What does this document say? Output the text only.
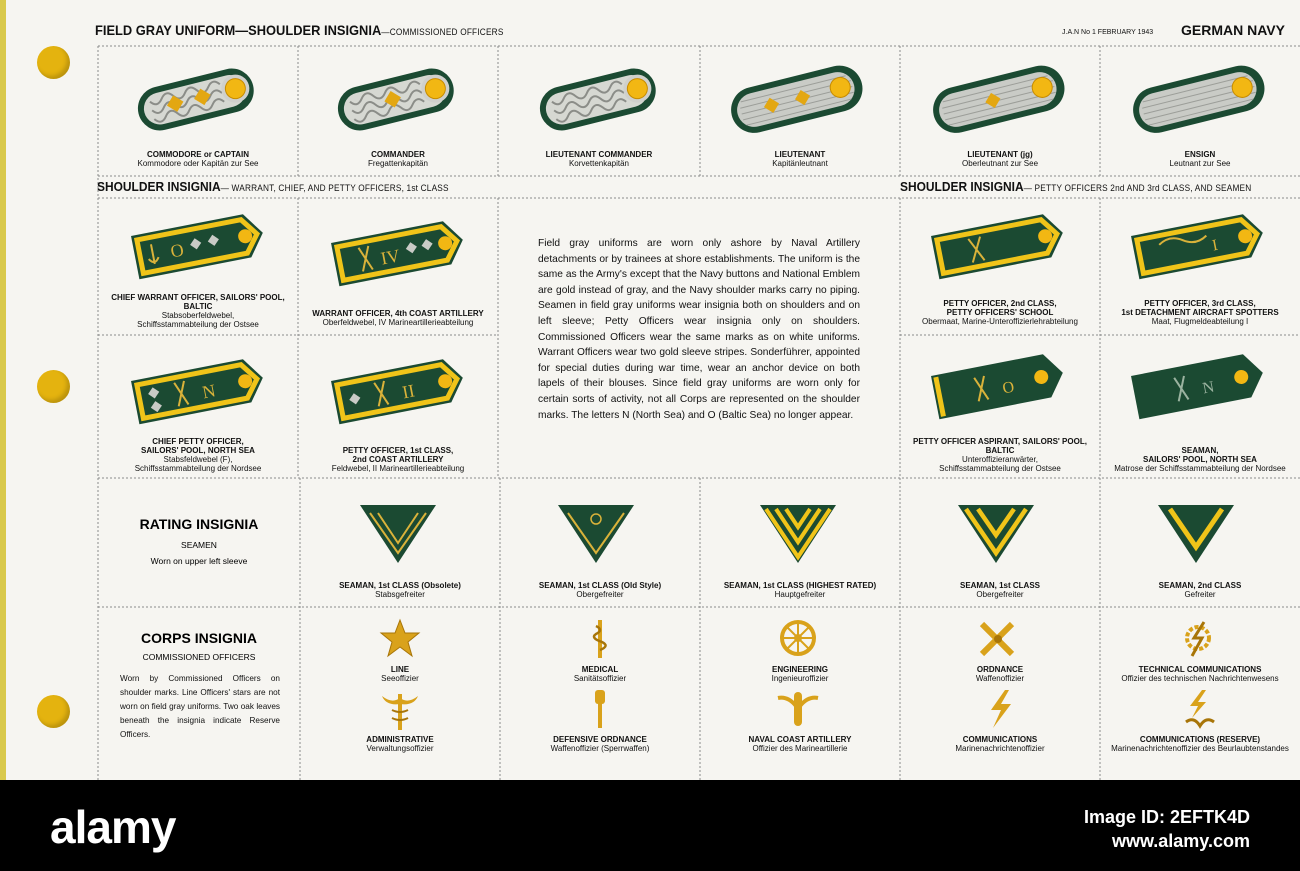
FIELD GRAY UNIFORM—SHOULDER INSIGNIA—COMMISSIONED OFFICERS	J.A.N No 1 FEBRUARY 1943 GERMAN NAVY
COMMODORE or CAPTAIN
Kommodore oder Kapitän zur See
COMMANDER
Fregattenkapitän
LIEUTENANT COMMANDER
Korvettenkapitän
LIEUTENANT
Kapitänleutnant
LIEUTENANT (jg)
Oberleutnant zur See
ENSIGN
Leutnant zur See
SHOULDER INSIGNIA— WARRANT, CHIEF, AND PETTY OFFICERS, 1st CLASS	SHOULDER INSIGNIA— PETTY OFFICERS 2nd AND 3rd CLASS, AND SEAMEN
O	IV
N	II
I
O	N
CHIEF WARRANT OFFICER, SAILORS' POOL,
BALTIC
Stabsoberfeldwebel,
Schiffsstammabteilung der Ostsee
WARRANT OFFICER, 4th COAST ARTILLERY
Oberfeldwebel, IV Marineartillerieabteilung
CHIEF PETTY OFFICER,
SAILORS' POOL, NORTH SEA
Stabsfeldwebel (F),
Schiffsstammabteilung der Nordsee
PETTY OFFICER, 1st CLASS,
2nd COAST ARTILLERY
Feldwebel, II Marineartillerieabteilung
PETTY OFFICER, 2nd CLASS,
PETTY OFFICERS' SCHOOL
Obermaat, Marine-Unteroffizierlehrabteilung
PETTY OFFICER, 3rd CLASS,
1st DETACHMENT AIRCRAFT SPOTTERS
Maat, Flugmeldeabteilung I
PETTY OFFICER ASPIRANT, SAILORS' POOL,
BALTIC
Unteroffizieranwärter,
Schiffsstammabteilung der Ostsee
SEAMAN,
SAILORS' POOL, NORTH SEA
Matrose der Schiffsstammabteilung der Nordsee
Field gray uniforms are worn only ashore by Naval Artillery detachments or by trainees at shore establishments. The uniform is the same as the Army's except that the Navy buttons and National Emblem are gold instead of gray, and the Navy shoulder marks carry no piping. Seamen in field gray uniforms wear insignia both on shoulders and on left sleeve; Petty Officers wear insignia only on shoulders. Commissioned Officers wear the same marks as on white uniforms. Warrant Officers wear two gold sleeve stripes. Sonderführer, appointed for special duties during war time, wear an anchor device on both lapels of their blouses. Since field gray uniforms are worn only for certain sorts of activity, not all Corps are represented on the shoulder marks. The letters N (North Sea) and O (Baltic Sea) no longer appear.
RATING INSIGNIA
SEAMEN
Worn on upper left sleeve
SEAMAN, 1st CLASS (Obsolete)
Stabsgefreiter
SEAMAN, 1st CLASS (Old Style)
Obergefreiter
SEAMAN, 1st CLASS (HIGHEST RATED)
Hauptgefreiter
SEAMAN, 1st CLASS
Obergefreiter
SEAMAN, 2nd CLASS
Gefreiter
CORPS INSIGNIA
COMMISSIONED OFFICERS
Worn by Commissioned Officers on shoulder marks. Line Officers' stars are not worn on field gray uniforms. Two oak leaves beneath the insignia indicate Reserve Officers.
LINE
Seeoffizier
MEDICAL
Sanitätsoffizier
ENGINEERING
Ingenieuroffizier
ORDNANCE
Waffenoffizier
TECHNICAL COMMUNICATIONS
Offizier des technischen Nachrichtenwesens
ADMINISTRATIVE
Verwaltungsoffizier
DEFENSIVE ORDNANCE
Waffenoffizier (Sperrwaffen)
NAVAL COAST ARTILLERY
Offizier des Marineartillerie
COMMUNICATIONS
Marinenachrichtenoffizier
COMMUNICATIONS (RESERVE)
Marinenachrichtenoffizier des Beurlaubtenstandes
alamy	Image ID: 2EFTK4D
www.alamy.com
